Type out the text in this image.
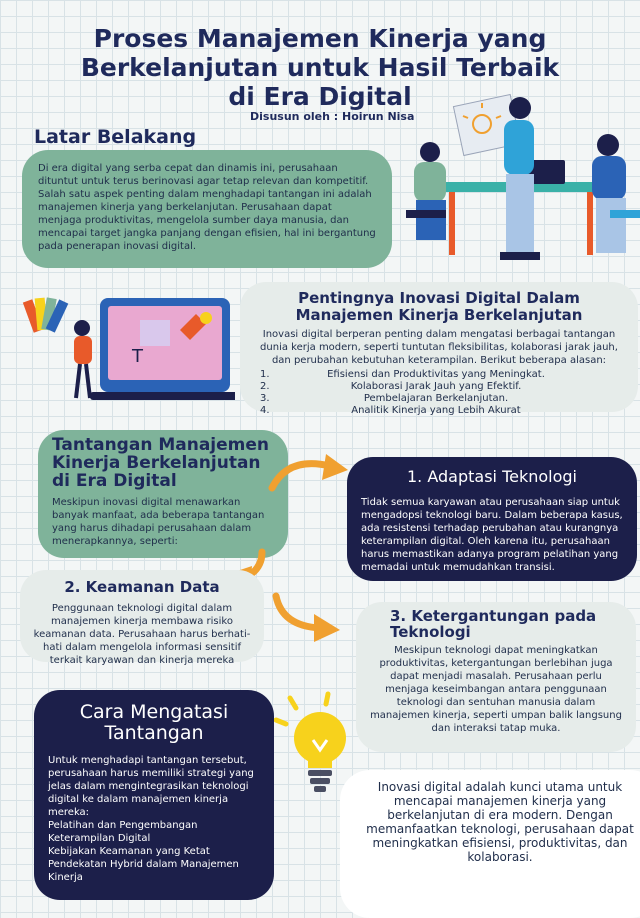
Proses Manajemen Kinerja yang Berkelanjutan untuk Hasil Terbaik di Era Digital
Disusun oleh : Hoirun Nisa
Latar Belakang
Di era digital yang serba cepat dan dinamis ini, perusahaan dituntut untuk terus berinovasi agar tetap relevan dan kompetitif. Salah satu aspek penting dalam menghadapi tantangan ini adalah manajemen kinerja yang berkelanjutan. Perusahaan dapat menjaga produktivitas, mengelola sumber daya manusia, dan mencapai target jangka panjang dengan efisien, hal ini bergantung pada penerapan inovasi digital.
T
Pentingnya Inovasi Digital Dalam Manajemen Kinerja Berkelanjutan
Inovasi digital berperan penting dalam mengatasi berbagai tantangan dunia kerja modern, seperti tuntutan fleksibilitas, kolaborasi jarak jauh, dan perubahan kebutuhan keterampilan. Berikut beberapa alasan:
1.	Efisiensi dan Produktivitas yang Meningkat.
2.	Kolaborasi Jarak Jauh yang Efektif.
3.	Pembelajaran Berkelanjutan.
4.	Analitik Kinerja yang Lebih Akurat
Tantangan Manajemen Kinerja Berkelanjutan di Era Digital
Meskipun inovasi digital menawarkan banyak manfaat, ada beberapa tantangan yang harus dihadapi perusahaan dalam menerapkannya, seperti:
1. Adaptasi Teknologi
Tidak semua karyawan atau perusahaan siap untuk mengadopsi teknologi baru. Dalam beberapa kasus, ada resistensi terhadap perubahan atau kurangnya keterampilan digital. Oleh karena itu, perusahaan harus memastikan adanya program pelatihan yang memadai untuk memudahkan transisi.
2. Keamanan Data
Penggunaan teknologi digital dalam manajemen kinerja membawa risiko keamanan data. Perusahaan harus berhati-hati dalam mengelola informasi sensitif terkait karyawan dan kinerja mereka
3. Ketergantungan pada Teknologi
Meskipun teknologi dapat meningkatkan produktivitas, ketergantungan berlebihan juga dapat menjadi masalah. Perusahaan perlu menjaga keseimbangan antara penggunaan teknologi dan sentuhan manusia dalam manajemen kinerja, seperti umpan balik langsung dan interaksi tatap muka.
Cara Mengatasi Tantangan
Untuk menghadapi tantangan tersebut, perusahaan harus memiliki strategi yang jelas dalam mengintegrasikan teknologi digital ke dalam manajemen kinerja mereka:
Pelatihan dan Pengembangan Keterampilan Digital
Kebijakan Keamanan yang Ketat
Pendekatan Hybrid dalam Manajemen Kinerja
Inovasi digital adalah kunci utama untuk mencapai manajemen kinerja yang berkelanjutan di era modern. Dengan memanfaatkan teknologi, perusahaan dapat meningkatkan efisiensi, produktivitas, dan kolaborasi.
